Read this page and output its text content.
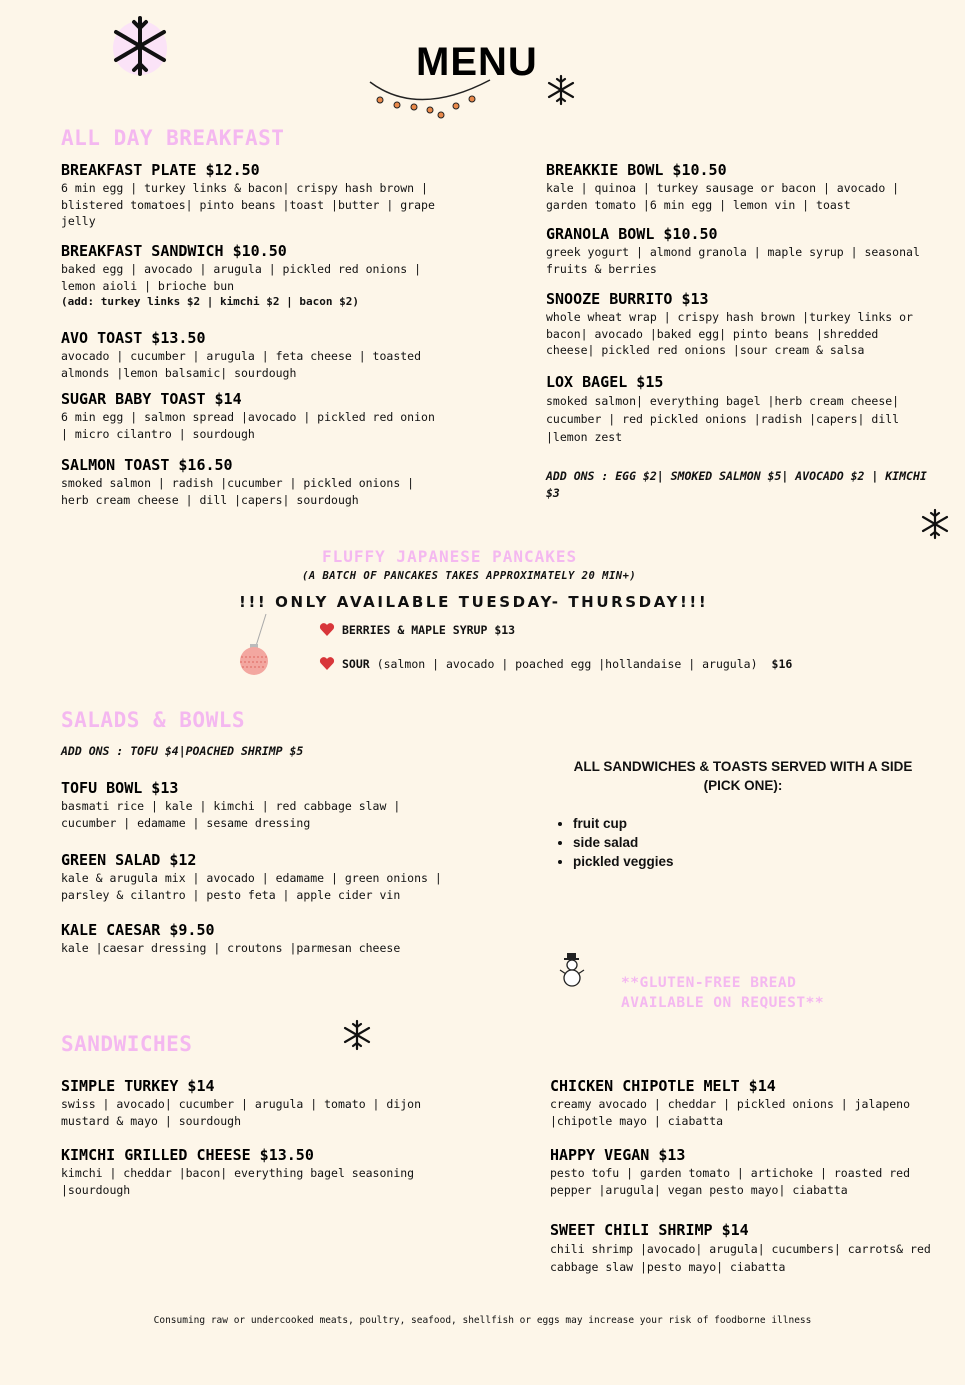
MENU
ALL DAY BREAKFAST
BREAKFAST PLATE $12.50
6 min egg | turkey links & bacon| crispy hash brown | blistered tomatoes| pinto beans |toast |butter | grape jelly
BREAKFAST SANDWICH $10.50
baked egg | avocado | arugula | pickled red onions | lemon aioli | brioche bun
(add: turkey links $2 | kimchi $2 | bacon $2)
AVO TOAST $13.50
avocado | cucumber | arugula | feta cheese | toasted almonds |lemon balsamic| sourdough
SUGAR BABY TOAST $14
6 min egg | salmon spread |avocado | pickled red onion | micro cilantro | sourdough
SALMON TOAST $16.50
smoked salmon | radish |cucumber | pickled onions | herb cream cheese | dill |capers| sourdough
BREAKKIE BOWL $10.50
kale | quinoa | turkey sausage or bacon | avocado | garden tomato |6 min egg | lemon vin | toast
GRANOLA BOWL $10.50
greek yogurt | almond granola | maple syrup | seasonal fruits & berries
SNOOZE BURRITO $13
whole wheat wrap | crispy hash brown |turkey links or bacon| avocado |baked egg| pinto beans |shredded cheese| pickled red onions |sour cream & salsa
LOX BAGEL $15
smoked salmon| everything bagel |herb cream cheese| cucumber | red pickled onions |radish |capers| dill |lemon zest
ADD ONS : EGG $2| SMOKED SALMON $5| AVOCADO $2 | KIMCHI $3
FLUFFY JAPANESE PANCAKES
(A BATCH OF PANCAKES TAKES APPROXIMATELY 20 MIN+)
!!! ONLY AVAILABLE TUESDAY- THURSDAY!!!
BERRIES & MAPLE SYRUP $13
SOUR (salmon | avocado | poached egg |hollandaise | arugula) $16
SALADS & BOWLS
ADD ONS : TOFU $4|POACHED SHRIMP $5
TOFU BOWL $13
basmati rice | kale | kimchi | red cabbage slaw | cucumber | edamame | sesame dressing
GREEN SALAD $12
kale & arugula mix | avocado | edamame | green onions | parsley & cilantro | pesto feta | apple cider vin
KALE CAESAR $9.50
kale |caesar dressing | croutons |parmesan cheese
ALL SANDWICHES & TOASTS SERVED WITH A SIDE (PICK ONE):
• fruit cup
• side salad
• pickled veggies
**GLUTEN-FREE BREAD AVAILABLE ON REQUEST**
SANDWICHES
SIMPLE TURKEY $14
swiss | avocado| cucumber | arugula | tomato | dijon mustard & mayo | sourdough
KIMCHI GRILLED CHEESE $13.50
kimchi | cheddar |bacon| everything bagel seasoning |sourdough
CHICKEN CHIPOTLE MELT $14
creamy avocado | cheddar | pickled onions | jalapeno |chipotle mayo | ciabatta
HAPPY VEGAN $13
pesto tofu | garden tomato | artichoke | roasted red pepper |arugula| vegan pesto mayo| ciabatta
SWEET CHILI SHRIMP $14
chili shrimp |avocado| arugula| cucumbers| carrots& red cabbage slaw |pesto mayo| ciabatta
Consuming raw or undercooked meats, poultry, seafood, shellfish or eggs may increase your risk of foodborne illness
